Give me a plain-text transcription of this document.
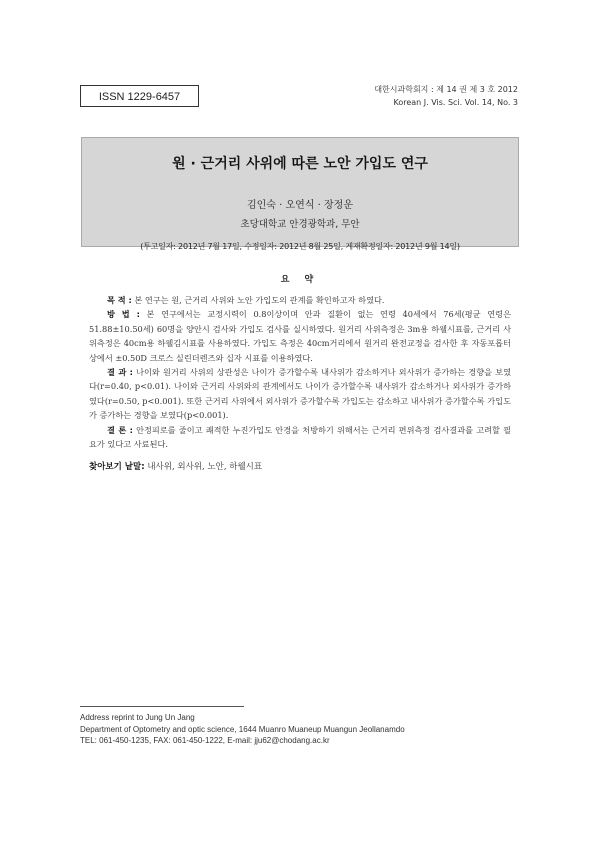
ISSN 1229-6457
대한시과학회지 : 제 14 권 제 3 호 2012
Korean J. Vis. Sci. Vol. 14, No. 3
원 · 근거리 사위에 따른 노안 가입도 연구
김인숙 · 오연식 · 장정운
초당대학교 안경광학과, 무안
(투고일자: 2012년 7월 17일, 수정일자: 2012년 8월 25일, 게재확정일자: 2012년 9월 14일)
요 약

목 적 : 본 연구는 원, 근거리 사위와 노안 가입도의 관계를 확인하고자 하였다.

방 법 : 본 연구에서는 교정시력이 0.8이상이며 안과 질환이 없는 연령 40세에서 76세(평균 연령은 51.88±10.50세) 60명을 양안시 검사와 가입도 검사를 실시하였다. 원거리 사위측정은 3m용 하웰시표를, 근거리 사위측정은 40cm용 하웰김시표를 사용하였다. 가입도 측정은 40cm거리에서 원거리 완전교정을 검사한 후 자동포롭터 상에서 ±0.50D 크로스 실린더렌즈와 십자 시표를 이용하였다.

결 과 : 나이와 원거리 사위의 상관성은 나이가 증가할수록 내사위가 감소하거나 외사위가 증가하는 경향을 보였다(r=0.40, p<0.01). 나이와 근거리 사위와의 관계에서도 나이가 증가할수록 내사위가 감소하거나 외사위가 증가하였다(r=0.50, p<0.001). 또한 근거리 사위에서 외사위가 증가할수록 가입도는 감소하고 내사위가 증가할수록 가입도가 증가하는 경향을 보였다(p<0.001).

결 론 : 안정피로를 줄이고 쾌적한 누진가입도 안경을 처방하기 위해서는 근거리 편위측정 검사결과를 고려할 필요가 있다고 사료된다.

찾아보기 낱말: 내사위, 외사위, 노안, 하웰시표
Address reprint to Jung Un Jang
Department of Optometry and optic science, 1644 Muanro Muaneup Muangun Jeollanamdo
TEL: 061-450-1235, FAX: 061-450-1222, E-mail: jju62@chodang.ac.kr
